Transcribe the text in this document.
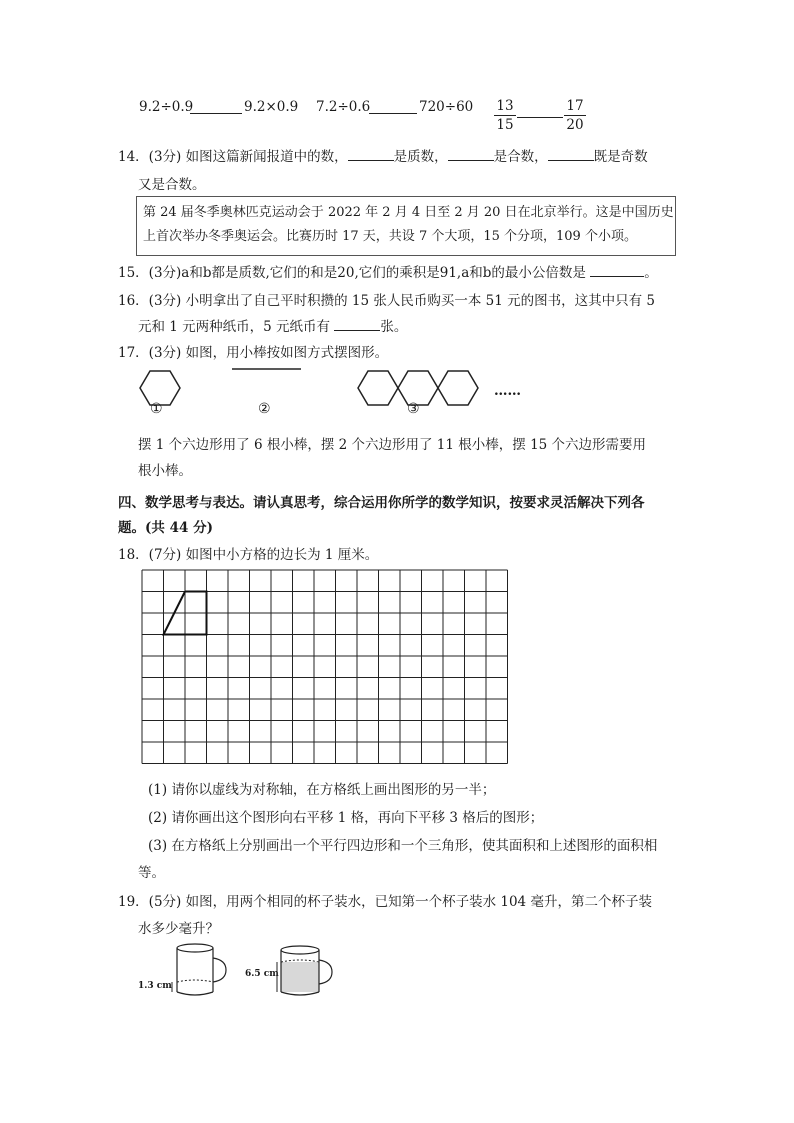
9.2÷0.9	9.2×0.9 7.2÷0.6	720÷60 13
15
17
20
14．(3分) 如图这篇新闻报道中的数，	是质数，	是合数，	既是奇数
又是合数。
第 24 届冬季奥林匹克运动会于 2022 年 2 月 4 日至 2 月 20 日在北京举行。这是中国历史
上首次举办冬季奥运会。比赛历时 17 天，共设 7 个大项，15 个分项，109 个小项。
15．(3分)a和b都是质数,它们的和是20,它们的乘积是91,a和b的最小公倍数是	。
16．(3分) 小明拿出了自己平时积攒的 15 张人民币购买一本 51 元的图书，这其中只有 5
元和 1 元两种纸币，5 元纸币有	张。
17．(3分) 如图，用小棒按如图方式摆图形。
①	②	③
……
摆 1 个六边形用了 6 根小棒，摆 2 个六边形用了 11 根小棒，摆 15 个六边形需要用
根小棒。
四、数学思考与表达。请认真思考，综合运用你所学的数学知识，按要求灵活解决下列各
题。(共 44 分)
18．(7分) 如图中小方格的边长为 1 厘米。
(1) 请你以虚线为对称轴，在方格纸上画出图形的另一半；
(2) 请你画出这个图形向右平移 1 格，再向下平移 3 格后的图形；
(3) 在方格纸上分别画出一个平行四边形和一个三角形，使其面积和上述图形的面积相
等。
19．(5分) 如图，用两个相同的杯子装水，已知第一个杯子装水 104 毫升，第二个杯子装
水多少毫升？
1.3 cm
6.5 cm
